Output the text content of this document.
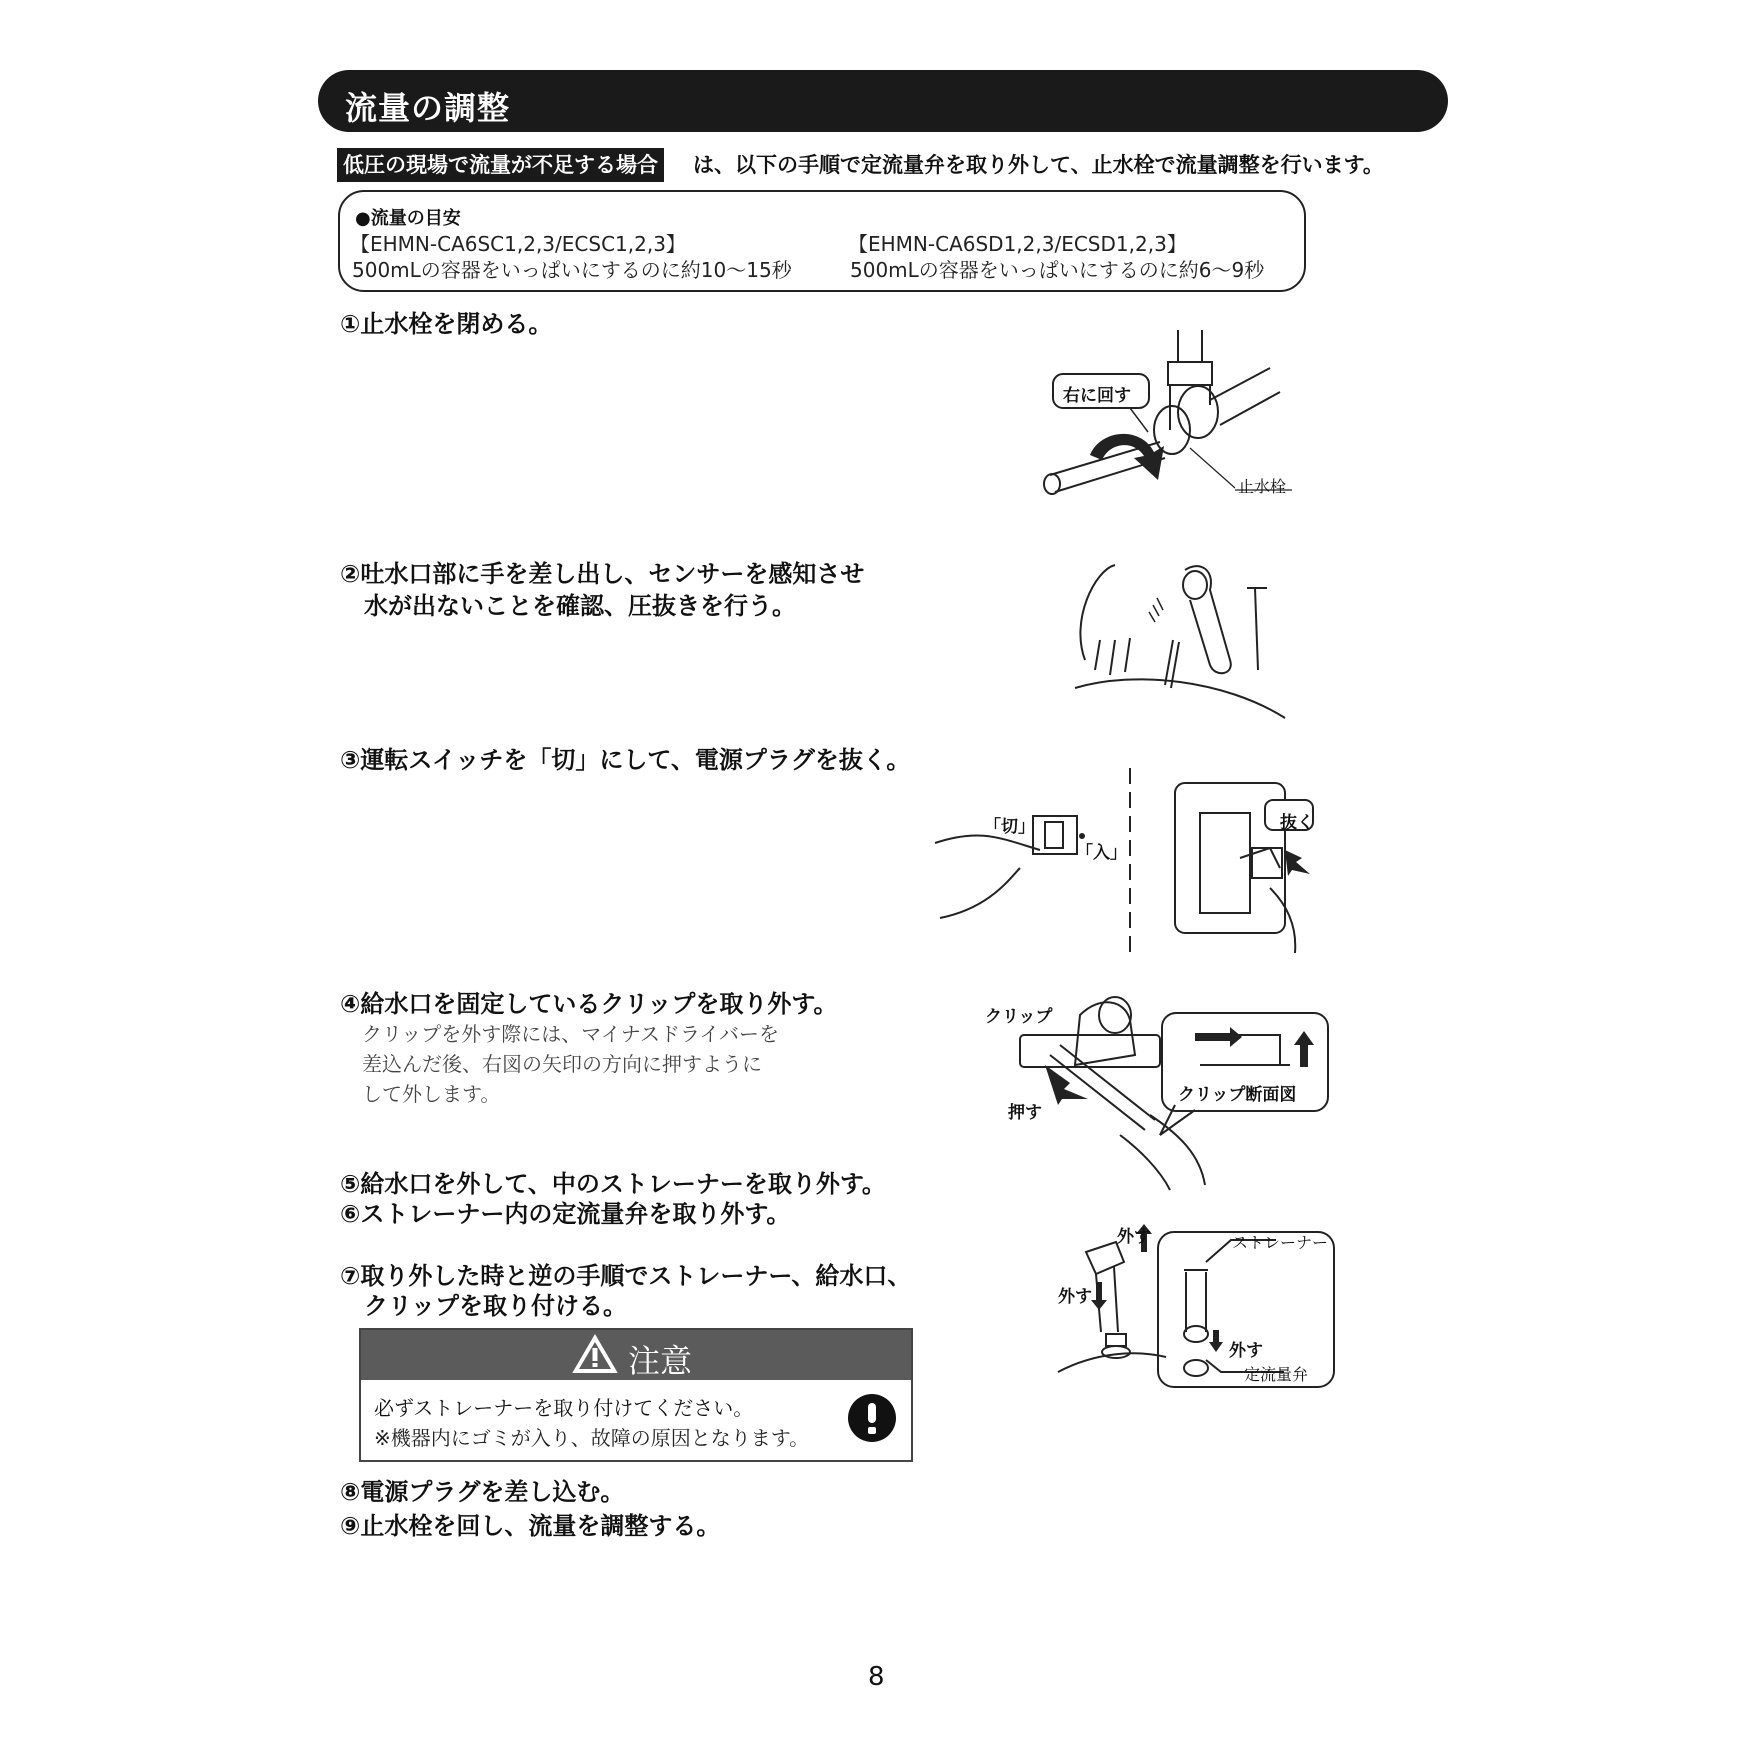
流量の調整
低圧の現場で流量が不足する場合 は、以下の手順で定流量弁を取り外して、止水栓で流量調整を行います。
●流量の目安
【EHMN-CA6SC1,2,3/ECSC1,2,3】
500mLの容器をいっぱいにするのに約10～15秒
【EHMN-CA6SD1,2,3/ECSD1,2,3】
500mLの容器をいっぱいにするのに約6～9秒
①止水栓を閉める。
②吐水口部に手を差し出し、センサーを感知させ
水が出ないことを確認、圧抜きを行う。
③運転スイッチを「切」にして、電源プラグを抜く。
④給水口を固定しているクリップを取り外す。
クリップを外す際には、マイナスドライバーを
差込んだ後、右図の矢印の方向に押すように
して外します。
⑤給水口を外して、中のストレーナーを取り外す。
⑥ストレーナー内の定流量弁を取り外す。
⑦取り外した時と逆の手順でストレーナー、給水口、
クリップを取り付ける。
注意
必ずストレーナーを取り付けてください。
※機器内にゴミが入り、故障の原因となります。
⑧電源プラグを差し込む。
⑨止水栓を回し、流量を調整する。
右に回す
止水栓
「切」
「入」
抜く
クリップ
押す
クリップ断面図
外す
外す
ストレーナー
外す
定流量弁
8
